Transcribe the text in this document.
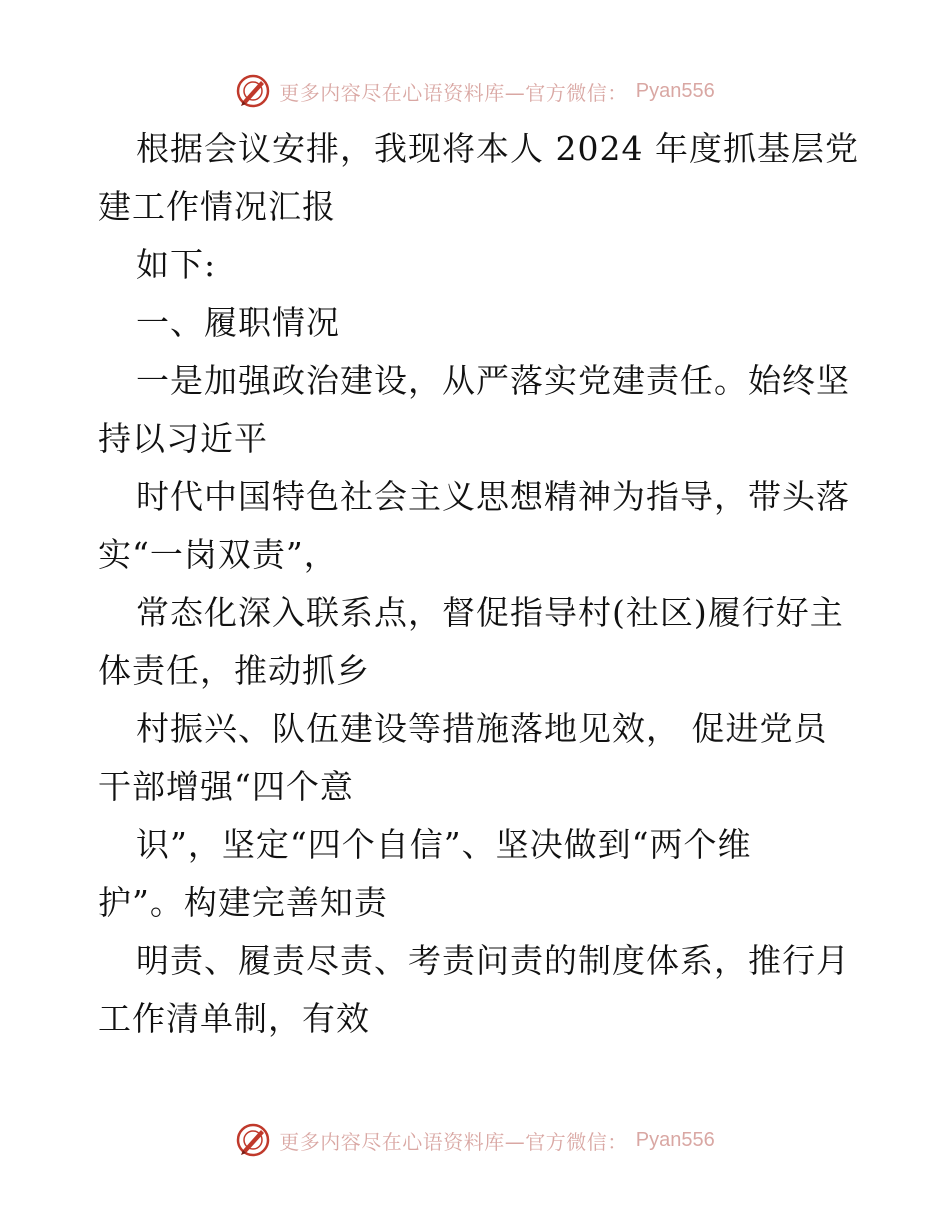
更多内容尽在心语资料库—官方微信： Pyan556
根据会议安排，我现将本人 2024 年度抓基层党
建工作情况汇报
如下:
一、履职情况
一是加强政治建设，从严落实党建责任。始终坚
持以习近平
时代中国特色社会主义思想精神为指导，带头落
实“一岗双责”，
常态化深入联系点，督促指导村(社区)履行好主
体责任，推动抓乡
村振兴、队伍建设等措施落地见效， 促进党员
干部增强“四个意
识”，坚定“四个自信”、坚决做到“两个维
护”。构建完善知责
明责、履责尽责、考责问责的制度体系，推行月
工作清单制，有效
更多内容尽在心语资料库—官方微信： Pyan556
